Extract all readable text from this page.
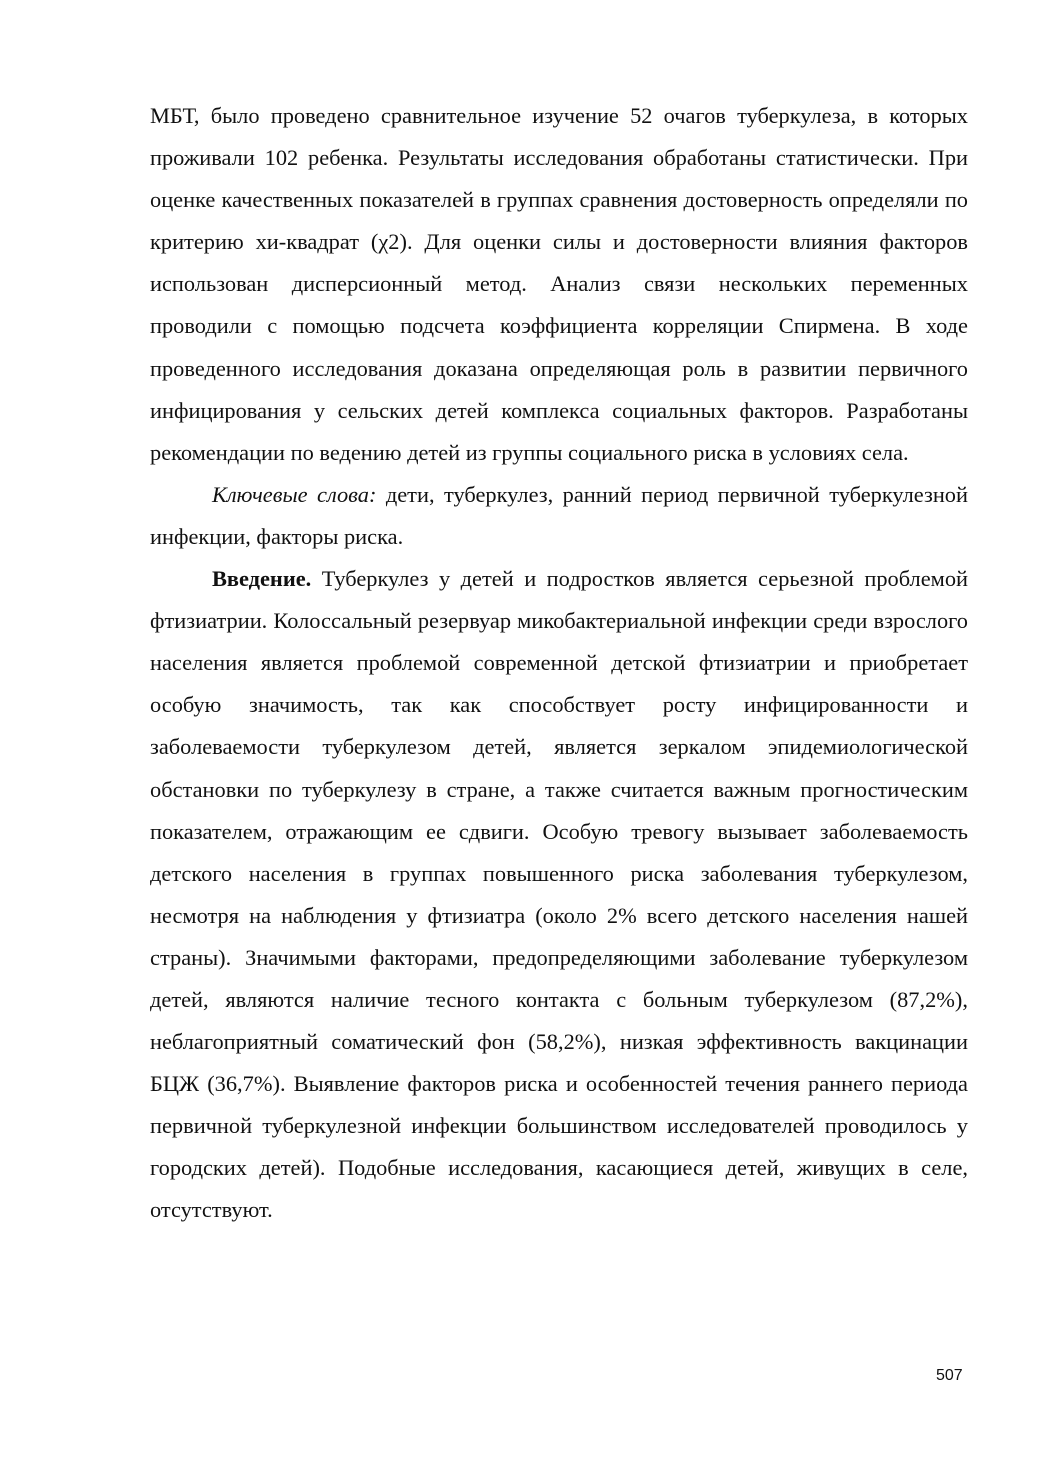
МБТ, было проведено сравнительное изучение 52 очагов туберкулеза, в которых проживали 102 ребенка. Результаты исследования обработаны статистически. При оценке качественных показателей в группах сравнения достоверность определяли по критерию хи-квадрат (χ2). Для оценки силы и достоверности влияния факторов использован дисперсионный метод. Анализ связи нескольких переменных проводили с помощью подсчета коэффициента корреляции Спирмена. В ходе проведенного исследования доказана определяющая роль в развитии первичного инфицирования у сельских детей комплекса социальных факторов. Разработаны рекомендации по ведению детей из группы социального риска в условиях села.

Ключевые слова: дети, туберкулез, ранний период первичной туберкулезной инфекции, факторы риска.

Введение. Туберкулез у детей и подростков является серьезной проблемой фтизиатрии. Колоссальный резервуар микобактериальной инфекции среди взрослого населения является проблемой современной детской фтизиатрии и приобретает особую значимость, так как способствует росту инфицированности и заболеваемости туберкулезом детей, является зеркалом эпидемиологической обстановки по туберкулезу в стране, а также считается важным прогностическим показателем, отражающим ее сдвиги. Особую тревогу вызывает заболеваемость детского населения в группах повышенного риска заболевания туберкулезом, несмотря на наблюдения у фтизиатра (около 2% всего детского населения нашей страны). Значимыми факторами, предопределяющими заболевание туберкулезом детей, являются наличие тесного контакта с больным туберкулезом (87,2%), неблагоприятный соматический фон (58,2%), низкая эффективность вакцинации БЦЖ (36,7%). Выявление факторов риска и особенностей течения раннего периода первичной туберкулезной инфекции большинством исследователей проводилось у городских детей). Подобные исследования, касающиеся детей, живущих в селе, отсутствуют.

507
